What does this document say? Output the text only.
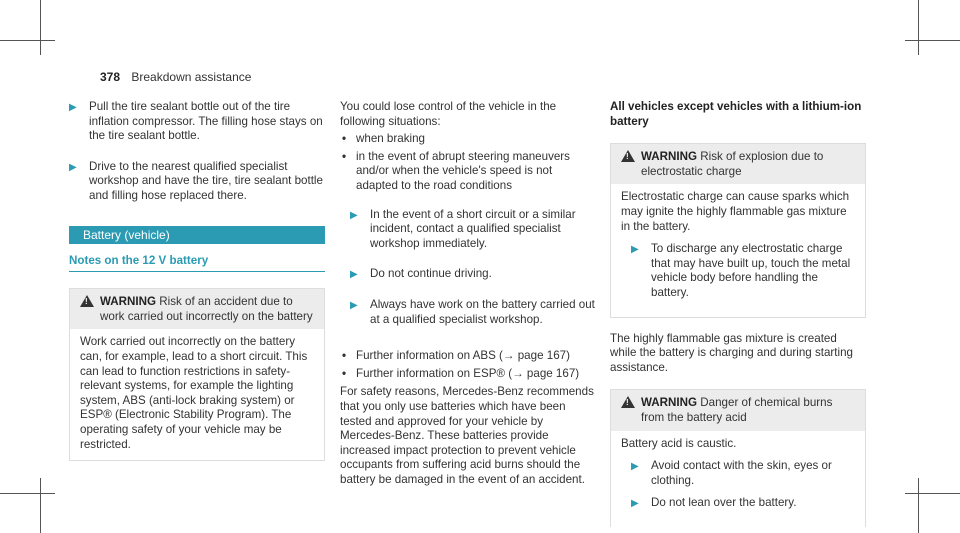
378 Breakdown assistance
▶ Pull the tire sealant bottle out of the tire inflation compressor. The filling hose stays on the tire sealant bottle.

▶ Drive to the nearest qualified specialist workshop and have the tire, tire sealant bottle and filling hose replaced there.

Battery (vehicle)
Notes on the 12 V battery
!
WARNING Risk of an accident due to work carried out incorrectly on the battery

Work carried out incorrectly on the battery can, for example, lead to a short circuit. This can lead to function restrictions in safety-relevant systems, for example the lighting system, ABS (anti-lock braking system) or ESP® (Electronic Stability Program). The operating safety of your vehicle may be restricted.

You could lose control of the vehicle in the following situations:

• when braking
• in the event of abrupt steering maneuvers and/or when the vehicle's speed is not adapted to the road conditions
▶ In the event of a short circuit or a similar incident, contact a qualified specialist workshop immediately.

▶ Do not continue driving.

▶ Always have work on the battery carried out at a qualified specialist workshop.

• Further information on ABS (→ page 167)
• Further information on ESP® (→ page 167)

For safety reasons, Mercedes-Benz recommends that you only use batteries which have been tested and approved for your vehicle by Mercedes-Benz. These batteries provide increased impact protection to prevent vehicle occupants from suffering acid burns should the battery be damaged in the event of an accident.

All vehicles except vehicles with a lithium-ion battery
!
WARNING Risk of explosion due to electrostatic charge

Electrostatic charge can cause sparks which may ignite the highly flammable gas mixture in the battery.

▶ To discharge any electrostatic charge that may have built up, touch the metal vehicle body before handling the battery.

The highly flammable gas mixture is created while the battery is charging and during starting assistance.

!
WARNING Danger of chemical burns from the battery acid

Battery acid is caustic.

▶ Avoid contact with the skin, eyes or clothing.

▶ Do not lean over the battery.
